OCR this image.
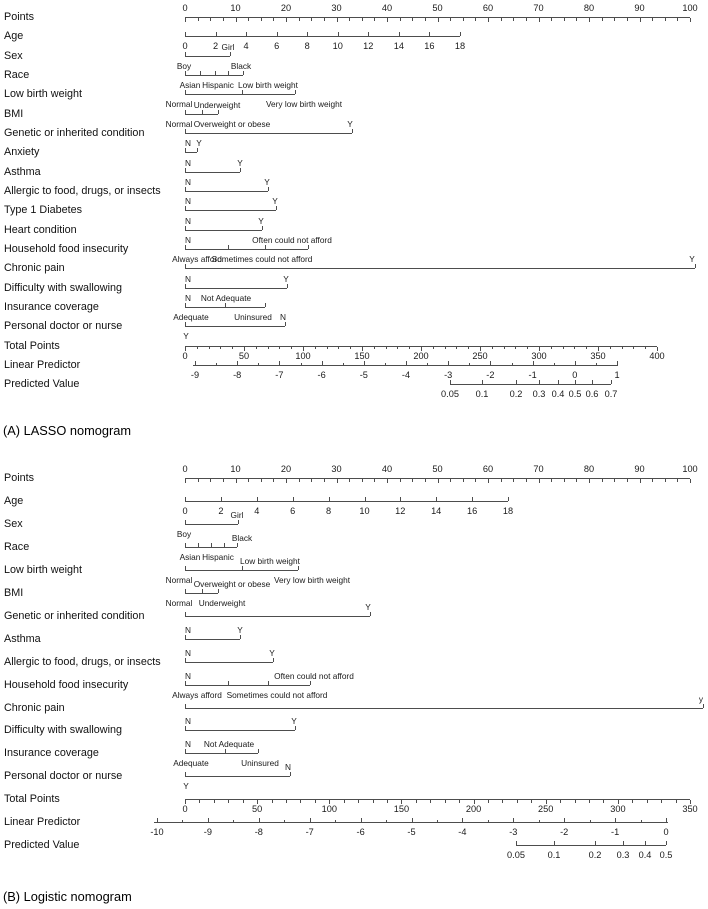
Points
0	10	20	30	40	50	60	70	80	90	100
Age
0	2	4	6	8 10 12 14 16 18
Sex
Girl
Boy
Race
Black
Asian Hispanic
Low birth weight
Low birth weight
Normal	Very low birth weight
BMI
Underweight
Normal Overweight or obese
Genetic or inherited condition
Y
Anxiety
N Y
Asthma
N	Y
Allergic to food, drugs, or insects
N	Y
Type 1 Diabetes
N	Y
Heart condition
N	Y
Household food insecurity
N	Often could not afford
Always afford
Sometimes could not afford
Chronic pain
Y
Difficulty with swallowing
N	Y
Insurance coverage
N Not Adequate
Adequate	Uninsured
Personal doctor or nurse
N
Y
Total Points
0	50	100	150	200	250	300	350	400
Linear Predictor
-9	-8	-7	-6	-5	-4	-3	-2	-1	0	1
Predicted Value
0.05 0.1 0.2 0.3 0.4 0.5 0.6 0.7
Points
0	10	20	30	40	50	60	70	80	90	100
Age
0	2	4	6	8	10	12	14	16	18
Sex
Girl
Boy
Race
Black
Asian Hispanic
Low birth weight
Low birth weight
Normal	Very low birth weight
BMI
Overweight or obese
Normal Underweight
Genetic or inherited condition
Y
Asthma
N	Y
Allergic to food, drugs, or insects
N	Y
Household food insecurity
N	Often could not afford
Always afford Sometimes could not afford
Chronic pain
y
Difficulty with swallowing
N	Y
Insurance coverage
N Not Adequate
Adequate	Uninsured
Personal doctor or nurse
N
Y
Total Points
0	50	100	150	200	250	300	350
Linear Predictor
-10	-9	-8	-7	-6	-5	-4	-3	-2	-1	0
Predicted Value
0.05 0.1	0.2 0.3 0.4 0.5
(A) LASSO nomogram
(B) Logistic nomogram
